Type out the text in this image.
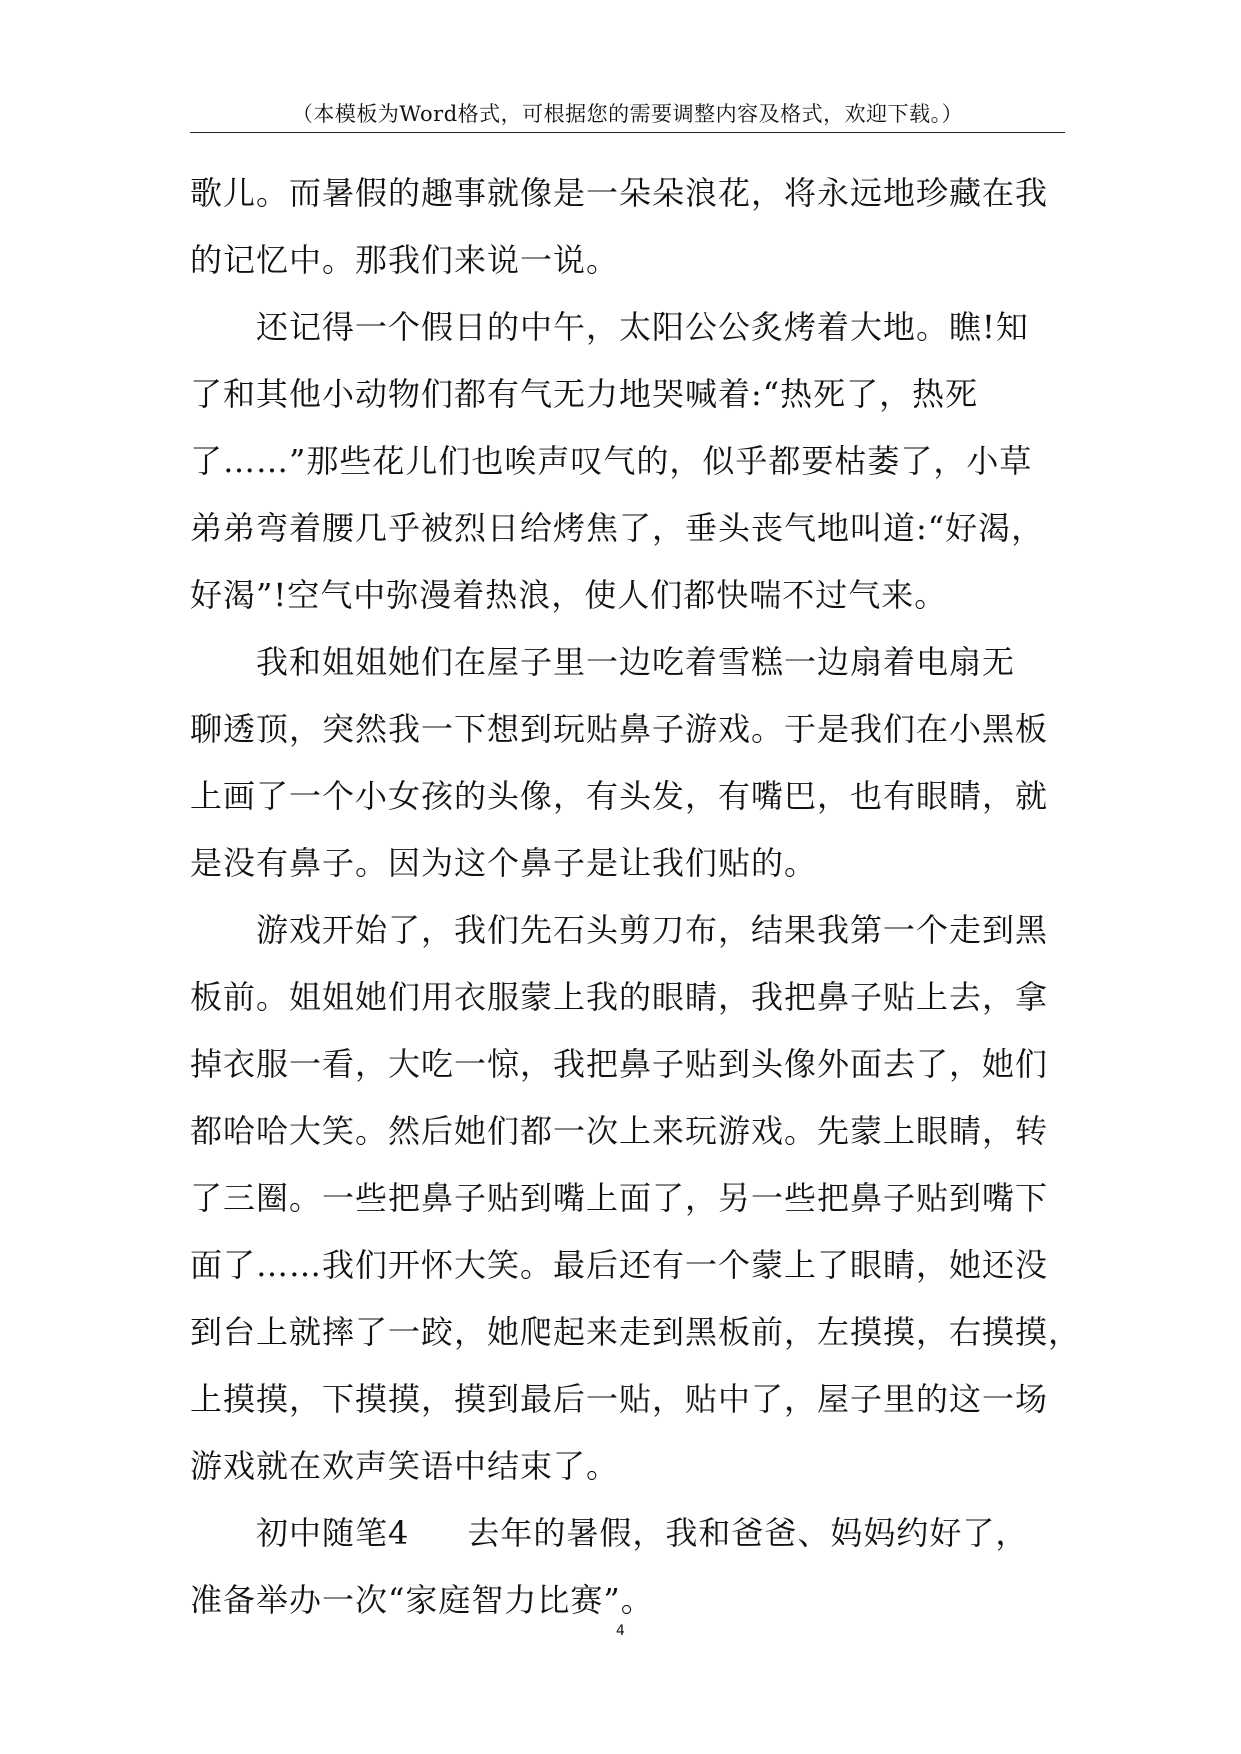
（本模板为Word格式，可根据您的需要调整内容及格式，欢迎下载。）
歌儿。而暑假的趣事就像是一朵朵浪花，将永远地珍藏在我
的记忆中。那我们来说一说。
还记得一个假日的中午，太阳公公炙烤着大地。瞧!知
了和其他小动物们都有气无力地哭喊着:“热死了，热死
了……”那些花儿们也唉声叹气的，似乎都要枯萎了，小草
弟弟弯着腰几乎被烈日给烤焦了，垂头丧气地叫道:“好渴，
好渴”!空气中弥漫着热浪，使人们都快喘不过气来。
我和姐姐她们在屋子里一边吃着雪糕一边扇着电扇无
聊透顶，突然我一下想到玩贴鼻子游戏。于是我们在小黑板
上画了一个小女孩的头像，有头发，有嘴巴，也有眼睛，就
是没有鼻子。因为这个鼻子是让我们贴的。
游戏开始了，我们先石头剪刀布，结果我第一个走到黑
板前。姐姐她们用衣服蒙上我的眼睛，我把鼻子贴上去，拿
掉衣服一看，大吃一惊，我把鼻子贴到头像外面去了，她们
都哈哈大笑。然后她们都一次上来玩游戏。先蒙上眼睛，转
了三圈。一些把鼻子贴到嘴上面了，另一些把鼻子贴到嘴下
面了……我们开怀大笑。最后还有一个蒙上了眼睛，她还没
到台上就摔了一跤，她爬起来走到黑板前，左摸摸，右摸摸，
上摸摸，下摸摸，摸到最后一贴，贴中了，屋子里的这一场
游戏就在欢声笑语中结束了。
初中随笔4 去年的暑假，我和爸爸、妈妈约好了，
准备举办一次“家庭智力比赛”。
4
